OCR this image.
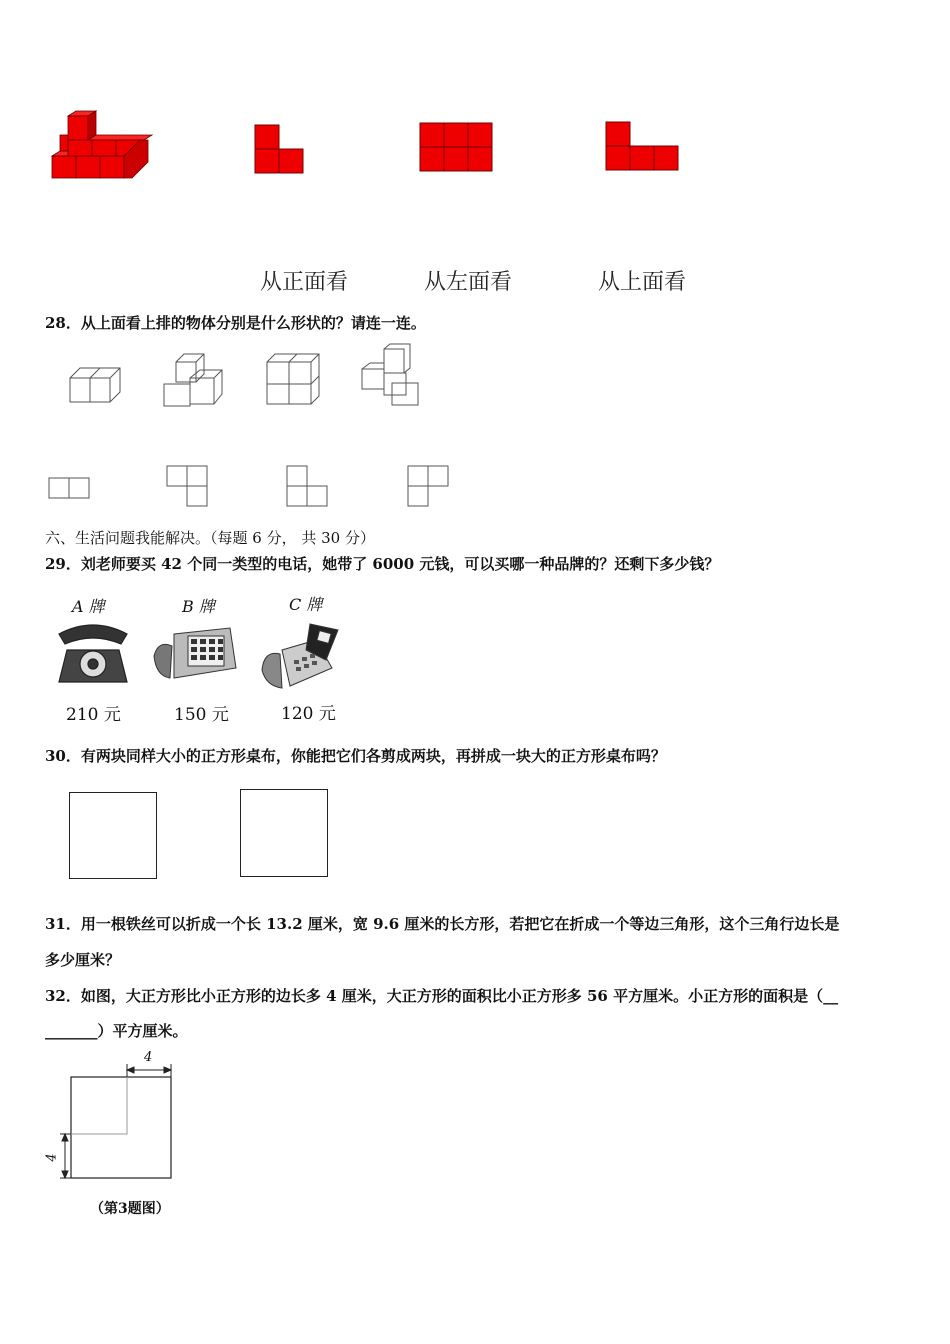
从正面看	从左面看	从上面看
28．从上面看上排的物体分别是什么形状的？请连一连。
六、生活问题我能解决。（每题 6 分， 共 30 分）
29．刘老师要买 42 个同一类型的电话，她带了 6000 元钱，可以买哪一种品牌的？还剩下多少钱？
A 牌	B 牌	C 牌
210 元	150 元	120 元
30．有两块同样大小的正方形桌布，你能把它们各剪成两块，再拼成一块大的正方形桌布吗？
31．用一根铁丝可以折成一个长 13.2 厘米，宽 9.6 厘米的长方形，若把它在折成一个等边三角形，这个三角行边长是
多少厘米？
32．如图，大正方形比小正方形的边长多 4 厘米，大正方形的面积比小正方形多 56 平方厘米。小正方形的面积是（__
_______）平方厘米。
4
4
（第3题图）
